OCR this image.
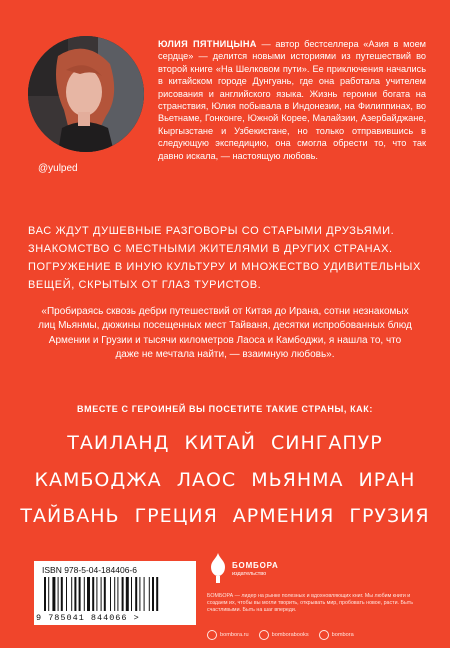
@yulped
ЮЛИЯ ПЯТНИЦЫНА — автор бестселлера «Азия в моем сердце» — делится новыми историями из путешествий во второй книге «На Шелковом пути». Ее приключения начались в китайском городе Дунгуань, где она работала учителем рисования и английского языка. Жизнь героини богата на странствия, Юлия побывала в Индонезии, на Филиппинах, во Вьетнаме, Гонконге, Южной Корее, Малайзии, Азербайджане, Кыргызстане и Узбекистане, но только отправившись в следующую экспедицию, она смогла обрести то, что так давно искала, — настоящую любовь.
ВАС ЖДУТ ДУШЕВНЫЕ РАЗГОВОРЫ СО СТАРЫМИ ДРУЗЬЯМИ.
ЗНАКОМСТВО С МЕСТНЫМИ ЖИТЕЛЯМИ В ДРУГИХ СТРАНАХ.
ПОГРУЖЕНИЕ В ИНУЮ КУЛЬТУРУ И МНОЖЕСТВО УДИВИТЕЛЬНЫХ
ВЕЩЕЙ, СКРЫТЫХ ОТ ГЛАЗ ТУРИСТОВ.
«Пробираясь сквозь дебри путешествий от Китая до Ирана, сотни незнакомых лиц Мьянмы, дюжины посещенных мест Тайваня, десятки испробованных блюд Армении и Грузии и тысячи километров Лаоса и Камбоджи, я нашла то, что даже не мечтала найти, — взаимную любовь».
ВМЕСТЕ С ГЕРОИНЕЙ ВЫ ПОСЕТИТЕ ТАКИЕ СТРАНЫ, КАК:
ТАИЛАНД КИТАЙ СИНГАПУР
КАМБОДЖА ЛАОС МЬЯНМА ИРАН
ТАЙВАНЬ ГРЕЦИЯ АРМЕНИЯ ГРУЗИЯ
ISBN 978-5-04-184406-6
9 785041 844066 >
БОМБОРА
издательство
БОМБОРА — лидер на рынке полезных и вдохновляющих книг. Мы любим книги и создаем их, чтобы вы могли творить, открывать мир, пробовать новое, расти. Быть счастливыми. Быть на шаг впереди.
bombora.ru	bomborabooks	bombora
